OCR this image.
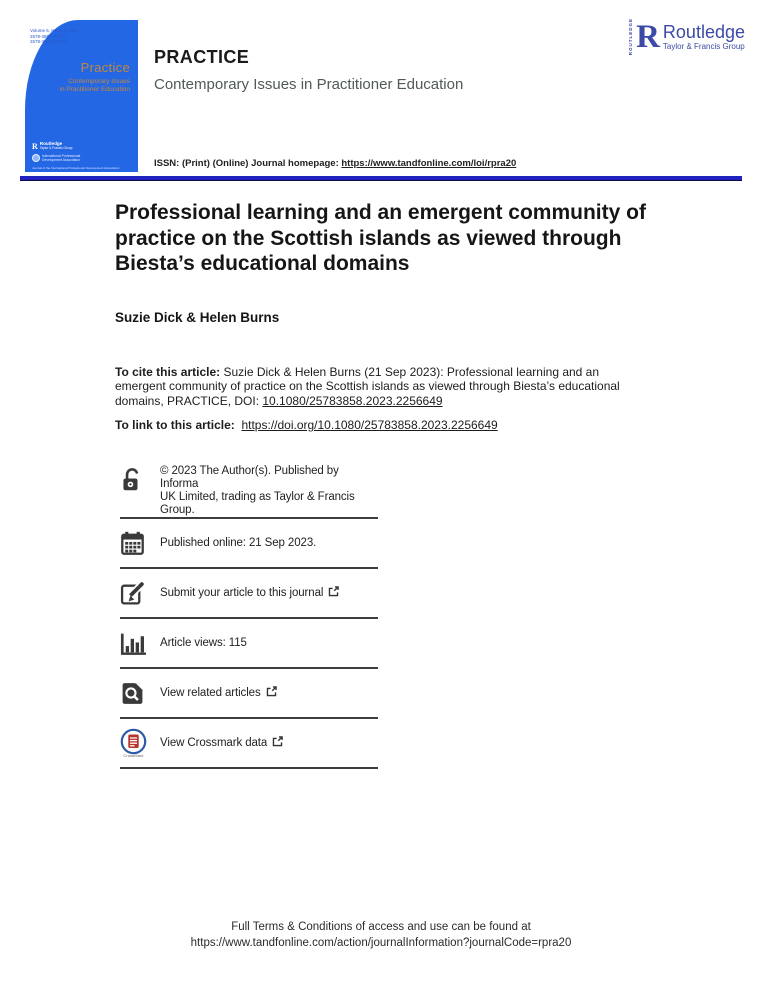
Volume 5, Issue 3, 2023
2578-3858 (Print)
2578-3866 (Online)
Practice
Contemporary Issues
in Practitioner Education
R Routledge
Taylor & Francis Group
International Professional
Development Association
Journal of the International Professional Development Association
PRACTICE
Contemporary Issues in Practitioner Education
ROUTLEDGE R Routledge
Taylor & Francis Group
ISSN: (Print) (Online) Journal homepage: https://www.tandfonline.com/loi/rpra20
Professional learning and an emergent community of practice on the Scottish islands as viewed through Biesta’s educational domains
Suzie Dick & Helen Burns

To cite this article: Suzie Dick & Helen Burns (21 Sep 2023): Professional learning and an emergent community of practice on the Scottish islands as viewed through Biesta’s educational domains, PRACTICE, DOI: 10.1080/25783858.2023.2256649

To link to this article: https://doi.org/10.1080/25783858.2023.2256649

© 2023 The Author(s). Published by Informa
UK Limited, trading as Taylor & Francis
Group.
Published online: 21 Sep 2023.
Submit your article to this journal
Article views: 115
View related articles
CrossMark
View Crossmark data
Full Terms & Conditions of access and use can be found at
https://www.tandfonline.com/action/journalInformation?journalCode=rpra20
